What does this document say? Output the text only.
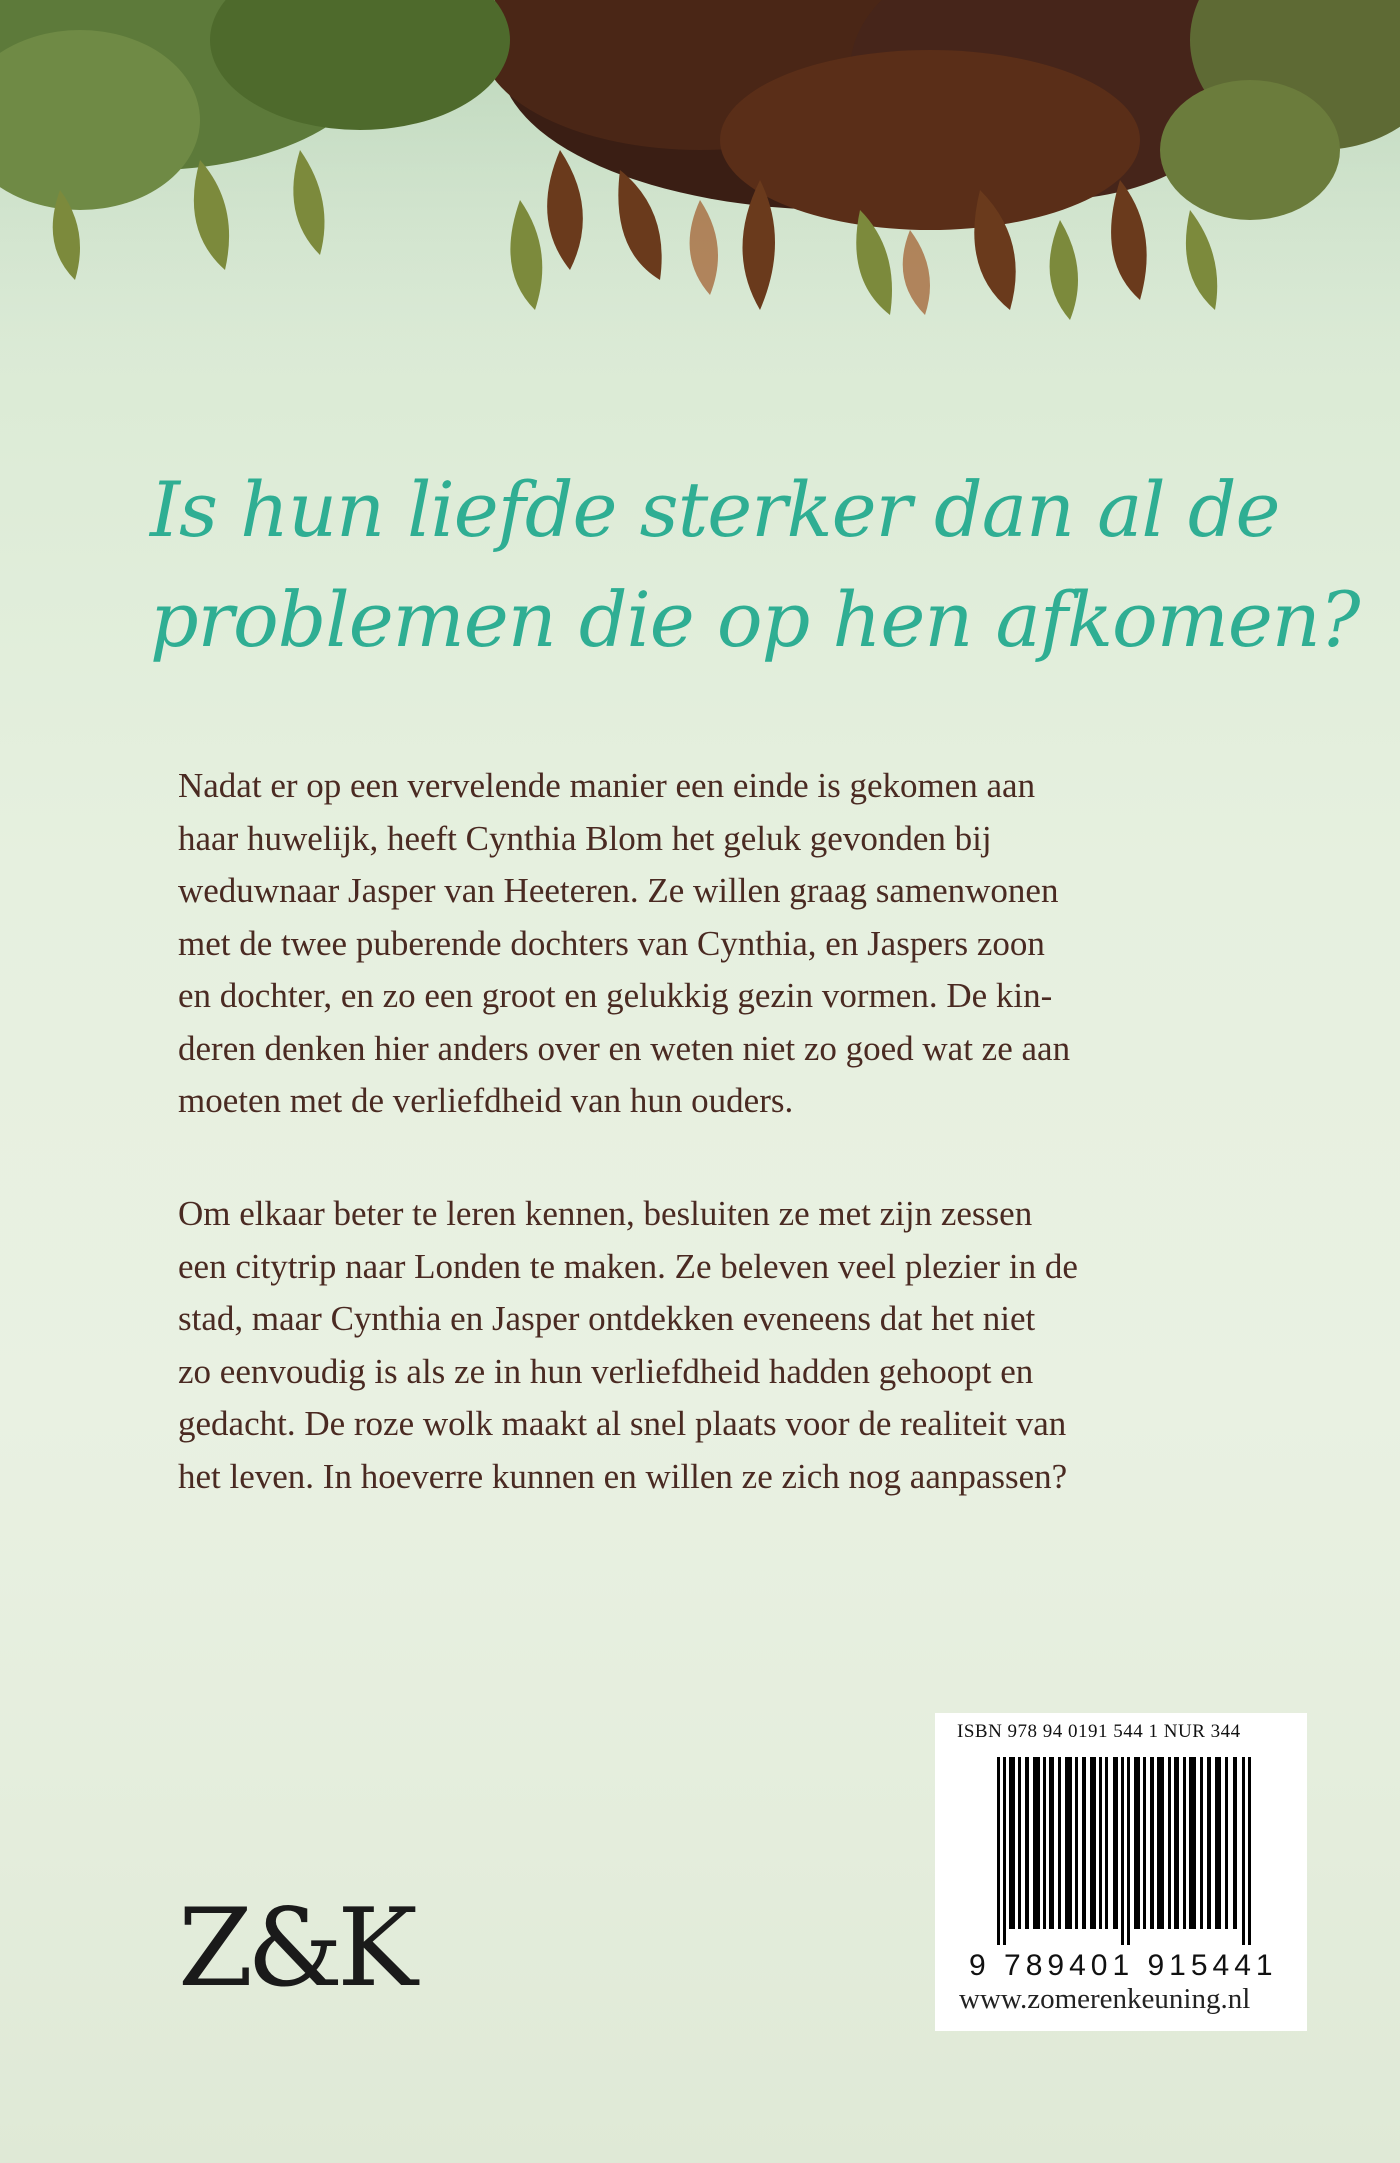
Is hun liefde sterker dan al de
problemen die op hen afkomen?

Nadat er op een vervelende manier een einde is gekomen aan
haar huwelijk, heeft Cynthia Blom het geluk gevonden bij
weduwnaar Jasper van Heeteren. Ze willen graag samenwonen
met de twee puberende dochters van Cynthia, en Jaspers zoon
en dochter, en zo een groot en gelukkig gezin vormen. De kin-
deren denken hier anders over en weten niet zo goed wat ze aan
moeten met de verliefdheid van hun ouders.

Om elkaar beter te leren kennen, besluiten ze met zijn zessen
een citytrip naar Londen te maken. Ze beleven veel plezier in de
stad, maar Cynthia en Jasper ontdekken eveneens dat het niet
zo eenvoudig is als ze in hun verliefdheid hadden gehoopt en
gedacht. De roze wolk maakt al snel plaats voor de realiteit van
het leven. In hoeverre kunnen en willen ze zich nog aanpassen?

Z&K
ISBN 978 94 0191 544 1 NUR 344
9 789401 915441
www.zomerenkeuning.nl
